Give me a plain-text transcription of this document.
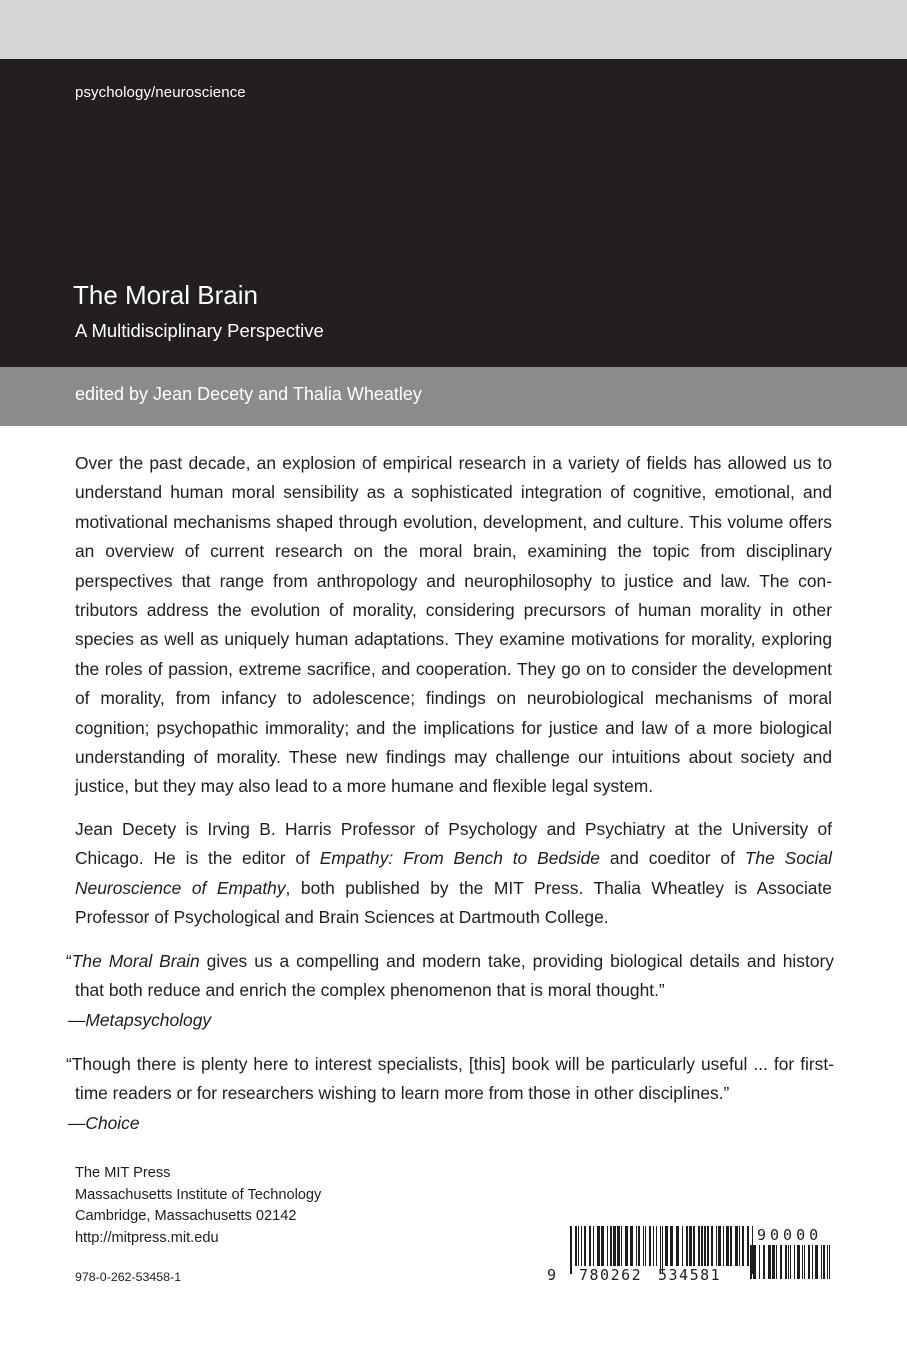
psychology/neuroscience
The Moral Brain
A Multidisciplinary Perspective
edited by Jean Decety and Thalia Wheatley

Over the past decade, an explosion of empirical research in a variety of fields has allowed us to understand human moral sensibility as a sophisticated integration of cognitive, emotional, and motivational mechanisms shaped through evolution, development, and culture. This volume offers an overview of current research on the moral brain, examining the topic from disciplinary perspectives that range from anthropology and neurophilosophy to justice and law. The contributors address the evolution of morality, considering precursors of human morality in other species as well as uniquely human adaptations. They examine motivations for morality, exploring the roles of passion, extreme sacrifice, and cooperation. They go on to consider the development of morality, from infancy to adolescence; findings on neurobiological mechanisms of moral cognition; psychopathic immorality; and the implications for justice and law of a more biological understanding of morality. These new findings may challenge our intuitions about society and justice, but they may also lead to a more humane and flexible legal system.

Jean Decety is Irving B. Harris Professor of Psychology and Psychiatry at the University of Chicago. He is the editor of Empathy: From Bench to Bedside and coeditor of The Social Neuroscience of Empathy, both published by the MIT Press. Thalia Wheatley is Associate Professor of Psychological and Brain Sciences at Dartmouth College.

“The Moral Brain gives us a compelling and modern take, providing biological details and history that both reduce and enrich the complex phenomenon that is moral thought.”

—Metapsychology

“Though there is plenty here to interest specialists, [this] book will be particularly useful ... for first-time readers or for researchers wishing to learn more from those in other disciplines.”

—Choice

The MIT Press
Massachusetts Institute of Technology
Cambridge, Massachusetts 02142
http://mitpress.mit.edu
978-0-262-53458-1	9 780262 534581
90000
